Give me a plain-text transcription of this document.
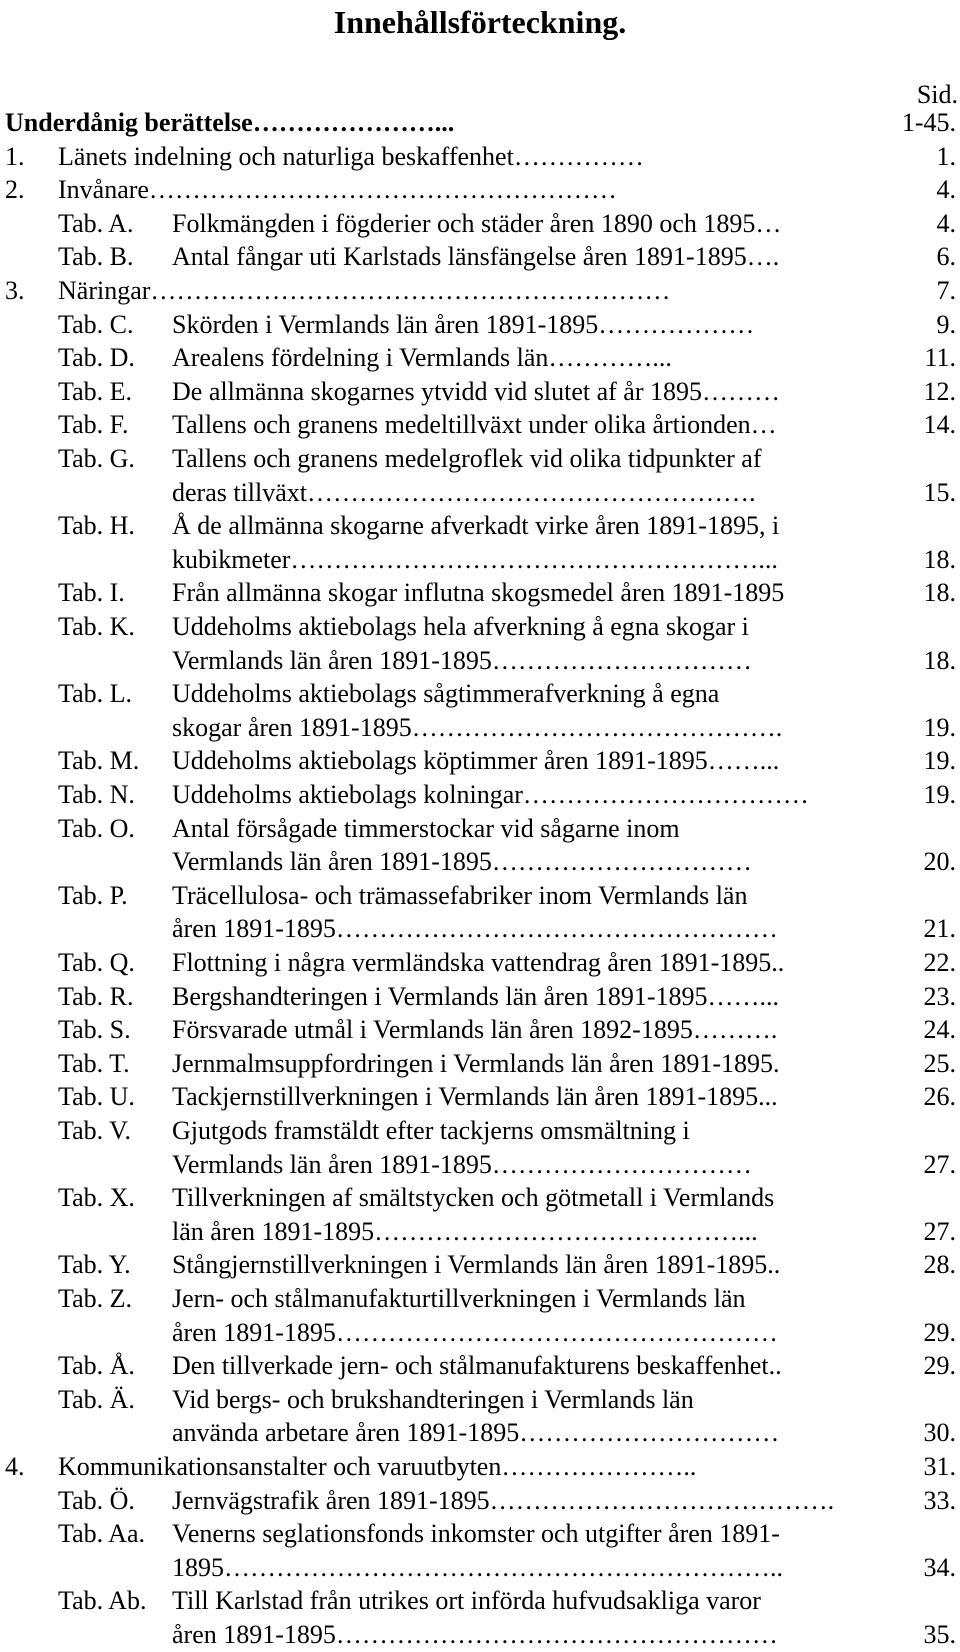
Innehållsförteckning.
Sid.
Underdånig berättelse…………………...	1-45.
1. Länets indelning och naturliga beskaffenhet……………	1.
2. Invånare………………………………………………	4.
Tab. A. Folkmängden i fögderier och städer åren 1890 och 1895…	4.
Tab. B. Antal fångar uti Karlstads länsfängelse åren 1891-1895….	6.
3. Näringar……………………………………………………	7.
Tab. C. Skörden i Vermlands län åren 1891-1895………………	9.
Tab. D. Arealens fördelning i Vermlands län…………...	11.
Tab. E. De allmänna skogarnes ytvidd vid slutet af år 1895………	12.
Tab. F. Tallens och granens medeltillväxt under olika årtionden…	14.
Tab. G. Tallens och granens medelgroflek vid olika tidpunkter af
deras tillväxt…………………………………………….	15.
Tab. H. Å de allmänna skogarne afverkadt virke åren 1891-1895, i
kubikmeter………………………………………………...	18.
Tab. I. Från allmänna skogar influtna skogsmedel åren 1891-1895	18.
Tab. K. Uddeholms aktiebolags hela afverkning å egna skogar i
Vermlands län åren 1891-1895…………………………	18.
Tab. L. Uddeholms aktiebolags sågtimmerafverkning å egna
skogar åren 1891-1895…………………………………….	19.
Tab. M. Uddeholms aktiebolags köptimmer åren 1891-1895……...	19.
Tab. N. Uddeholms aktiebolags kolningar……………………………	19.
Tab. O. Antal försågade timmerstockar vid sågarne inom
Vermlands län åren 1891-1895…………………………	20.
Tab. P. Träcellulosa- och trämassefabriker inom Vermlands län
åren 1891-1895……………………………………………	21.
Tab. Q. Flottning i några vermländska vattendrag åren 1891-1895..	22.
Tab. R. Bergshandteringen i Vermlands län åren 1891-1895……...	23.
Tab. S. Försvarade utmål i Vermlands län åren 1892-1895……….	24.
Tab. T. Jernmalmsuppfordringen i Vermlands län åren 1891-1895.	25.
Tab. U. Tackjernstillverkningen i Vermlands län åren 1891-1895...	26.
Tab. V. Gjutgods framstäldt efter tackjerns omsmältning i
Vermlands län åren 1891-1895…………………………	27.
Tab. X. Tillverkningen af smältstycken och götmetall i Vermlands
län åren 1891-1895……………………………………...	27.
Tab. Y. Stångjernstillverkningen i Vermlands län åren 1891-1895..	28.
Tab. Z. Jern- och stålmanufakturtillverkningen i Vermlands län
åren 1891-1895……………………………………………	29.
Tab. Å. Den tillverkade jern- och stålmanufakturens beskaffenhet..	29.
Tab. Ä. Vid bergs- och brukshandteringen i Vermlands län
använda arbetare åren 1891-1895…………………………	30.
4. Kommunikationsanstalter och varuutbyten…………………..	31.
Tab. Ö. Jernvägstrafik åren 1891-1895………………………………….	33.
Tab. Aa. Venerns seglationsfonds inkomster och utgifter åren 1891-
1895………………………………………………………..	34.
Tab. Ab. Till Karlstad från utrikes ort införda hufvudsakliga varor
åren 1891-1895……………………………………………	35.
